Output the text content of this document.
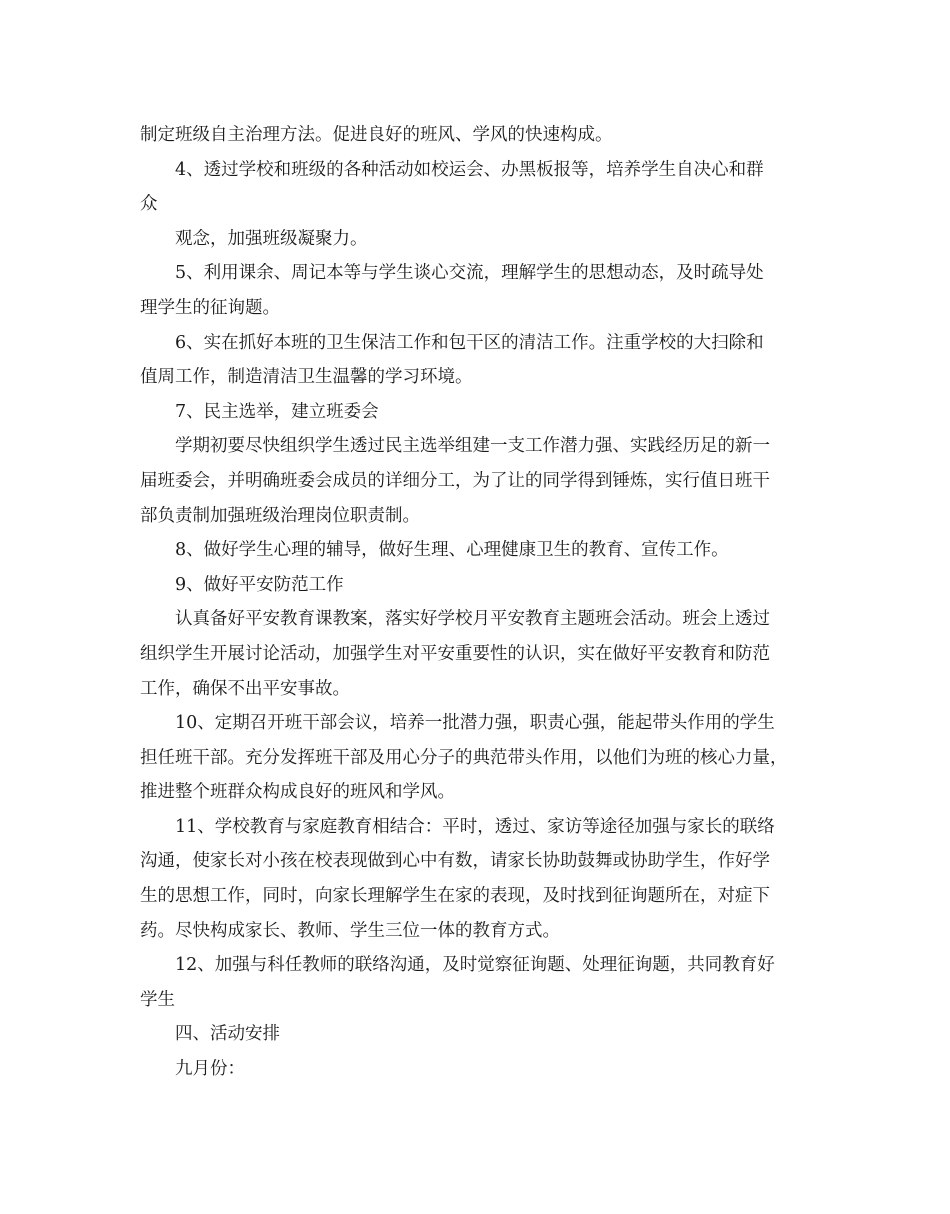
制定班级自主治理方法。促进良好的班风、学风的快速构成。
4、透过学校和班级的各种活动如校运会、办黑板报等，培养学生自决心和群
众
观念，加强班级凝聚力。
5、利用课余、周记本等与学生谈心交流，理解学生的思想动态，及时疏导处
理学生的征询题。
6、实在抓好本班的卫生保洁工作和包干区的清洁工作。注重学校的大扫除和
值周工作，制造清洁卫生温馨的学习环境。
7、民主选举，建立班委会
学期初要尽快组织学生透过民主选举组建一支工作潜力强、实践经历足的新一
届班委会，并明确班委会成员的详细分工，为了让的同学得到锤炼，实行值日班干
部负责制加强班级治理岗位职责制。
8、做好学生心理的辅导，做好生理、心理健康卫生的教育、宣传工作。
9、做好平安防范工作
认真备好平安教育课教案，落实好学校月平安教育主题班会活动。班会上透过
组织学生开展讨论活动，加强学生对平安重要性的认识，实在做好平安教育和防范
工作，确保不出平安事故。
10、定期召开班干部会议，培养一批潜力强，职责心强，能起带头作用的学生
担任班干部。充分发挥班干部及用心分子的典范带头作用，以他们为班的核心力量，
推进整个班群众构成良好的班风和学风。
11、学校教育与家庭教育相结合：平时，透过、家访等途径加强与家长的联络
沟通，使家长对小孩在校表现做到心中有数，请家长协助鼓舞或协助学生，作好学
生的思想工作，同时，向家长理解学生在家的表现，及时找到征询题所在，对症下
药。尽快构成家长、教师、学生三位一体的教育方式。
12、加强与科任教师的联络沟通，及时觉察征询题、处理征询题，共同教育好
学生
四、活动安排
九月份：
